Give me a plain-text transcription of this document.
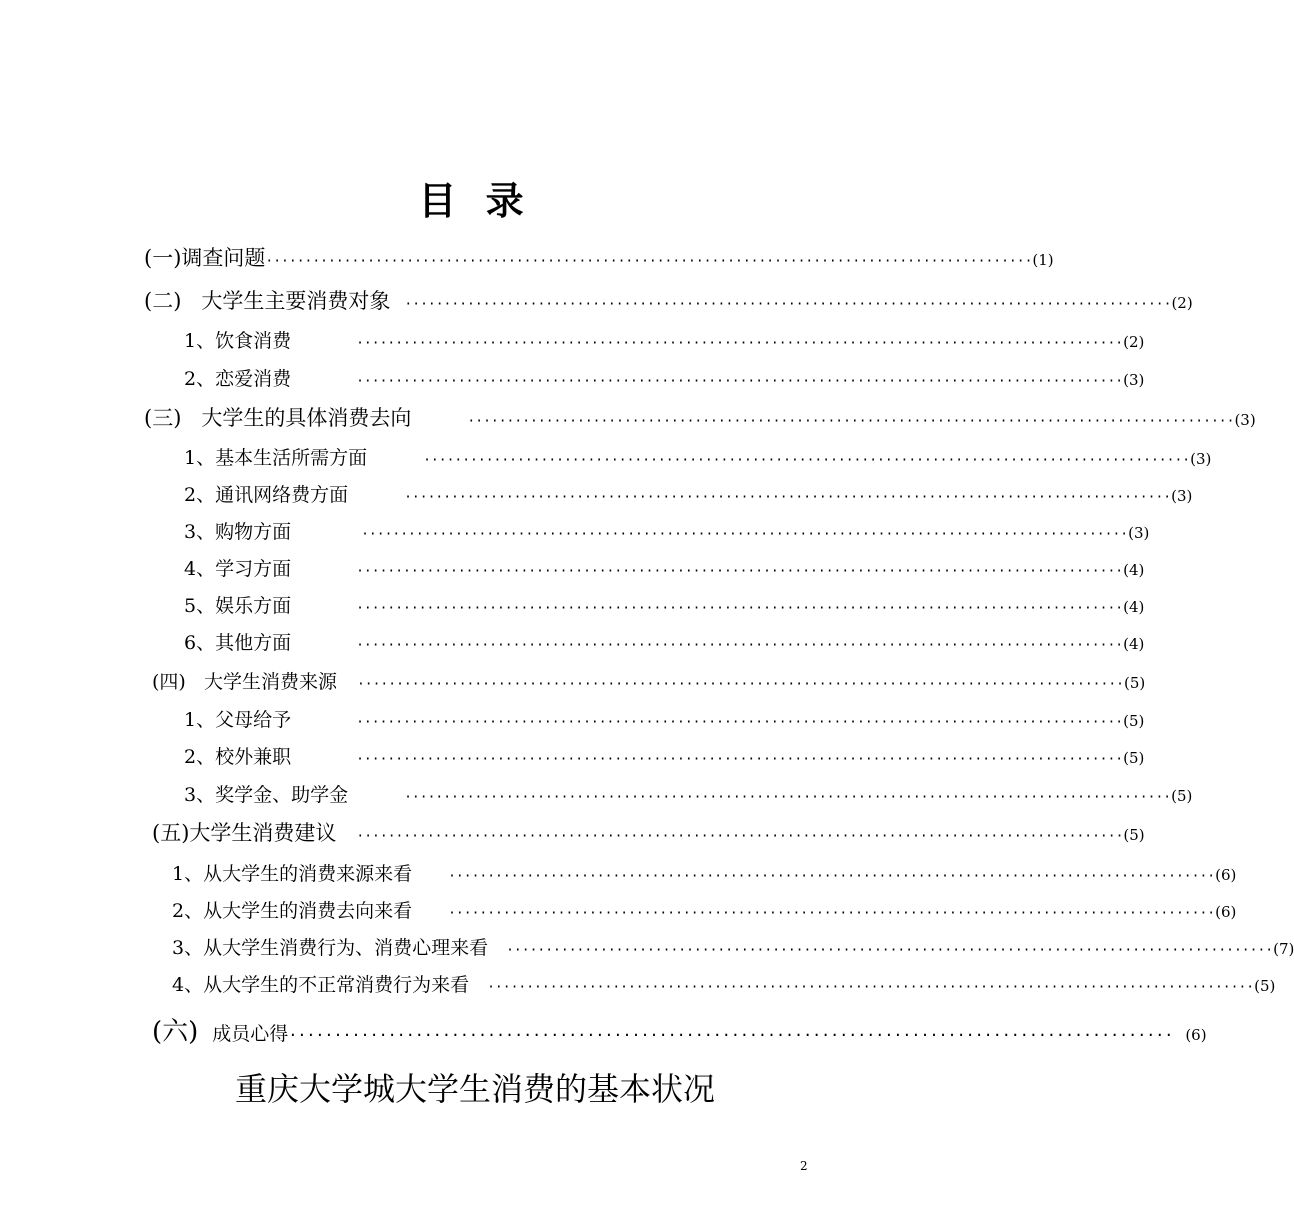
目 录
(一)调查问题 ·································································································· (1)
(二)   大学生主要消费对象	·································································································· (2)
1、饮食消费	·································································································· (2)
2、恋爱消费	·································································································· (3)
(三)   大学生的具体消费去向	·································································································· (3)
1、基本生活所需方面	·································································································· (3)
2、通讯网络费方面	·································································································· (3)
3、购物方面	·································································································· (3)
4、学习方面	·································································································· (4)
5、娱乐方面	·································································································· (4)
6、其他方面	·································································································· (4)
(四)   大学生消费来源	·································································································· (5)
1、父母给予	·································································································· (5)
2、校外兼职	·································································································· (5)
3、奖学金、助学金	·································································································· (5)
(五)大学生消费建议	·································································································· (5)
1、从大学生的消费来源来看	·································································································· (6)
2、从大学生的消费去向来看	·································································································· (6)
3、从大学生消费行为、消费心理来看	·································································································· (7)
4、从大学生的不正常消费行为来看	·································································································· (5)
(六) 成员心得 ·································································································· (6)
重庆大学城大学生消费的基本状况
2
